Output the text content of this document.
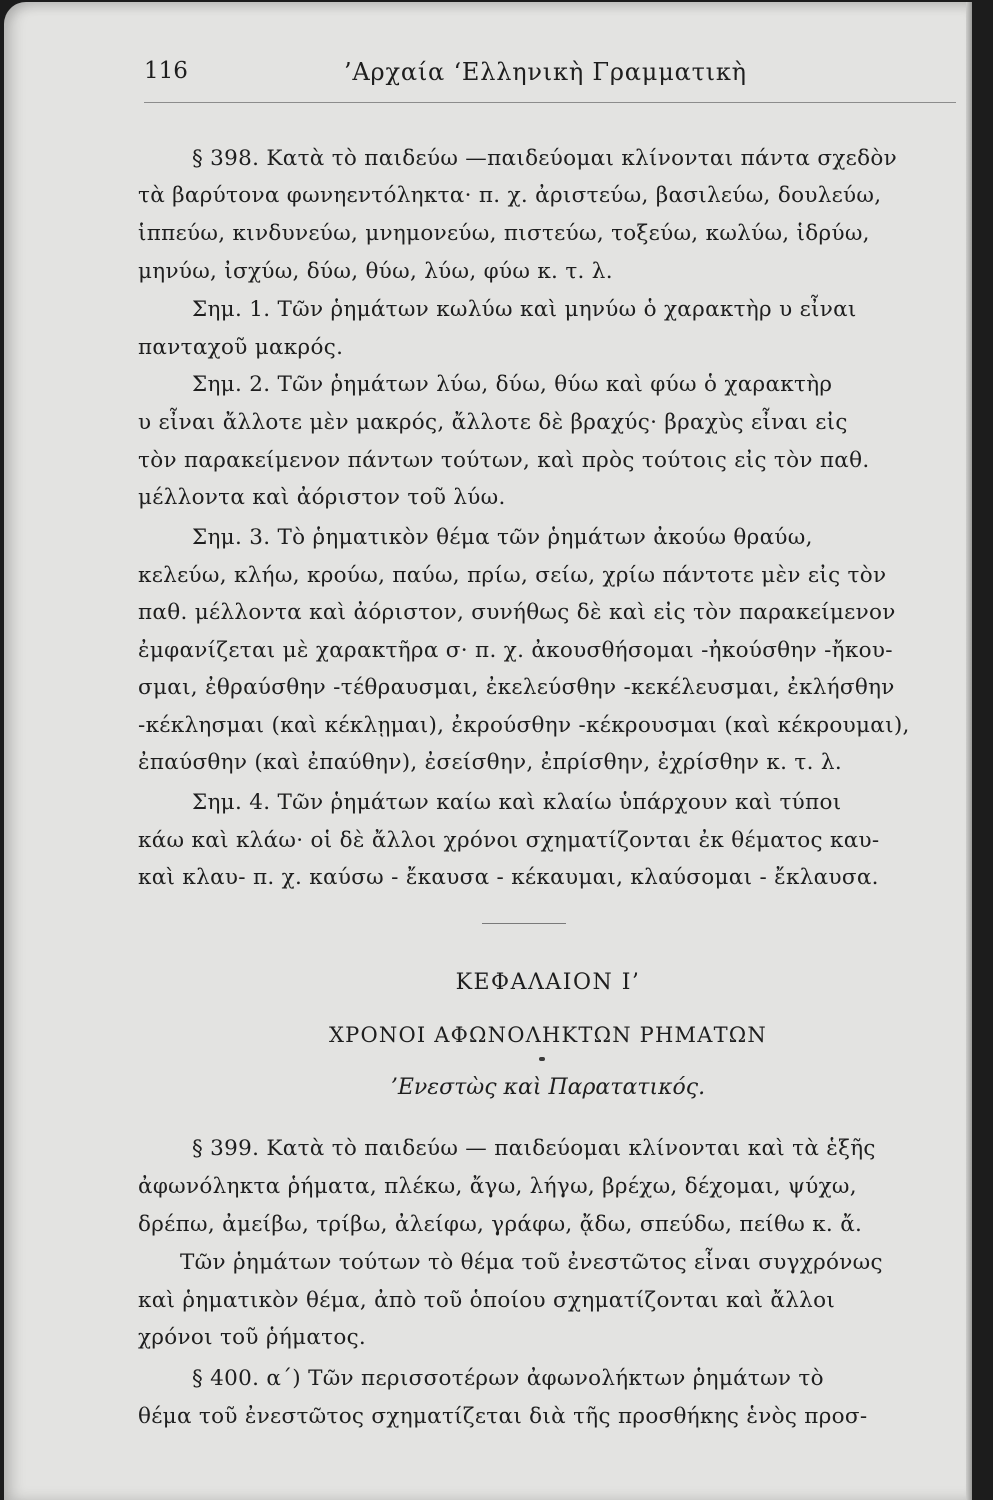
116	’Αρχαία ‘Ελληνικὴ Γραμματικὴ
§ 398. Κατὰ τὸ παιδεύω —παιδεύομαι κλίνονται πάντα σχεδὸν
τὰ βαρύτονα φωνηεντόληκτα· π. χ. ἀριστεύω, βασιλεύω, δουλεύω,
ἱππεύω, κινδυνεύω, μνημονεύω, πιστεύω, τοξεύω, κωλύω, ἱδρύω,
μηνύω, ἰσχύω, δύω, θύω, λύω, φύω κ. τ. λ.
Σημ. 1. Τῶν ῥημάτων κωλύω καὶ μηνύω ὁ χαρακτὴρ υ εἶναι
πανταχοῦ μακρός.
Σημ. 2. Τῶν ῥημάτων λύω, δύω, θύω καὶ φύω ὁ χαρακτὴρ
υ εἶναι ἄλλοτε μὲν μακρός, ἄλλοτε δὲ βραχύς· βραχὺς εἶναι εἰς
τὸν παρακείμενον πάντων τούτων, καὶ πρὸς τούτοις εἰς τὸν παθ.
μέλλοντα καὶ ἀόριστον τοῦ λύω.
Σημ. 3. Τὸ ῥηματικὸν θέμα τῶν ῥημάτων ἀκούω θραύω,
κελεύω, κλήω, κρούω, παύω, πρίω, σείω, χρίω πάντοτε μὲν εἰς τὸν
παθ. μέλλοντα καὶ ἀόριστον, συνήθως δὲ καὶ εἰς τὸν παρακείμενον
ἐμφανίζεται μὲ χαρακτῆρα σ· π. χ. ἀκουσθήσομαι -ἠκούσθην -ἤκου-
σμαι, ἐθραύσθην -τέθραυσμαι, ἐκελεύσθην -κεκέλευσμαι, ἐκλήσθην
-κέκλησμαι (καὶ κέκλῃμαι), ἐκρούσθην -κέκρουσμαι (καὶ κέκρουμαι),
ἐπαύσθην (καὶ ἐπαύθην), ἐσείσθην, ἐπρίσθην, ἐχρίσθην κ. τ. λ.
Σημ. 4. Τῶν ῥημάτων καίω καὶ κλαίω ὑπάρχουν καὶ τύποι
κάω καὶ κλάω· οἱ δὲ ἄλλοι χρόνοι σχηματίζονται ἐκ θέματος καυ-
καὶ κλαυ- π. χ. καύσω - ἔκαυσα - κέκαυμαι, κλαύσομαι - ἔκλαυσα.
ΚΕΦΑΛΑΙΟΝ Ι’
ΧΡΟΝΟΙ ΑΦΩΝΟΛΗΚΤΩΝ ΡΗΜΑΤΩΝ
’Ενεστὼς καὶ Παρατατικός.
§ 399. Κατὰ τὸ παιδεύω — παιδεύομαι κλίνονται καὶ τὰ ἑξῆς
ἀφωνόληκτα ῥήματα, πλέκω, ἄγω, λήγω, βρέχω, δέχομαι, ψύχω,
δρέπω, ἀμείβω, τρίβω, ἀλείφω, γράφω, ᾄδω, σπεύδω, πείθω κ. ἄ.
Τῶν ῥημάτων τούτων τὸ θέμα τοῦ ἐνεστῶτος εἶναι συγχρόνως
καὶ ῥηματικὸν θέμα, ἀπὸ τοῦ ὁποίου σχηματίζονται καὶ ἄλλοι
χρόνοι τοῦ ῥήματος.
§ 400. α΄) Τῶν περισσοτέρων ἀφωνολήκτων ῥημάτων τὸ
θέμα τοῦ ἐνεστῶτος σχηματίζεται διὰ τῆς προσθήκης ἑνὸς προσ-
